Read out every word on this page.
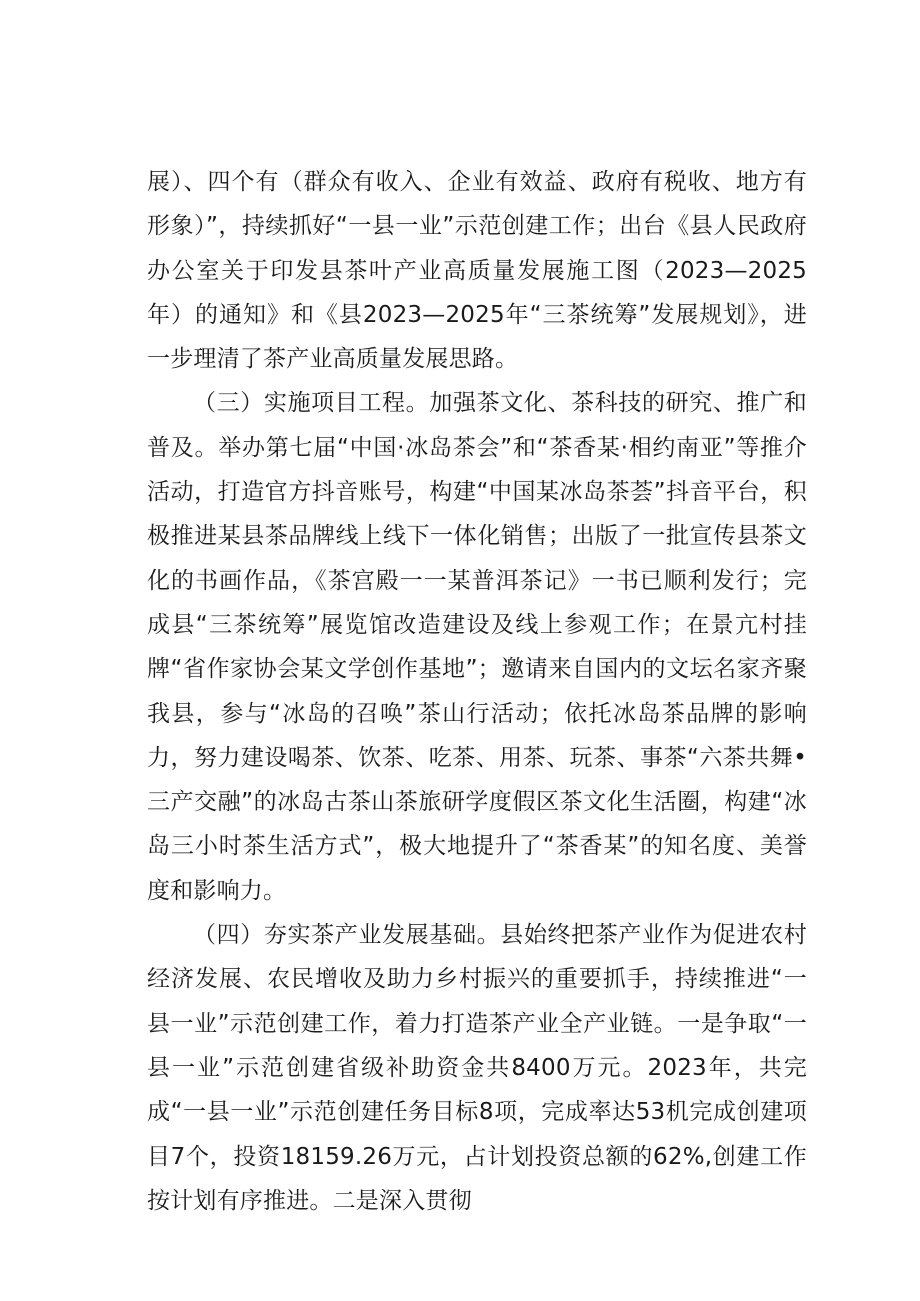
展）、四个有（群众有收入、企业有效益、政府有税收、地方有形象）”，持续抓好“一县一业”示范创建工作；出台《县人民政府办公室关于印发县茶叶产业高质量发展施工图（2023—2025年）的通知》和《县2023—2025年“三茶统筹”发展规划》，进一步理清了茶产业高质量发展思路。

（三）实施项目工程。加强茶文化、茶科技的研究、推广和普及。举办第七届“中国·冰岛茶会”和“茶香某·相约南亚”等推介活动，打造官方抖音账号，构建“中国某冰岛茶荟”抖音平台，积极推进某县茶品牌线上线下一体化销售；出版了一批宣传县茶文化的书画作品，《茶宫殿一一某普洱茶记》一书已顺利发行；完成县“三茶统筹”展览馆改造建设及线上参观工作；在景亢村挂牌“省作家协会某文学创作基地”；邀请来自国内的文坛名家齐聚我县，参与“冰岛的召唤”茶山行活动；依托冰岛茶品牌的影响力，努力建设喝茶、饮茶、吃茶、用茶、玩茶、事茶“六茶共舞•三产交融”的冰岛古茶山茶旅研学度假区茶文化生活圈，构建“冰岛三小时茶生活方式”，极大地提升了“茶香某”的知名度、美誉度和影响力。

（四）夯实茶产业发展基础。县始终把茶产业作为促进农村经济发展、农民增收及助力乡村振兴的重要抓手，持续推进“一县一业”示范创建工作，着力打造茶产业全产业链。一是争取“一县一业”示范创建省级补助资金共8400万元。2023年，共完成“一县一业”示范创建任务目标8项，完成率达53机完成创建项目7个，投资18159.26万元，占计划投资总额的62%,创建工作按计划有序推进。二是深入贯彻
